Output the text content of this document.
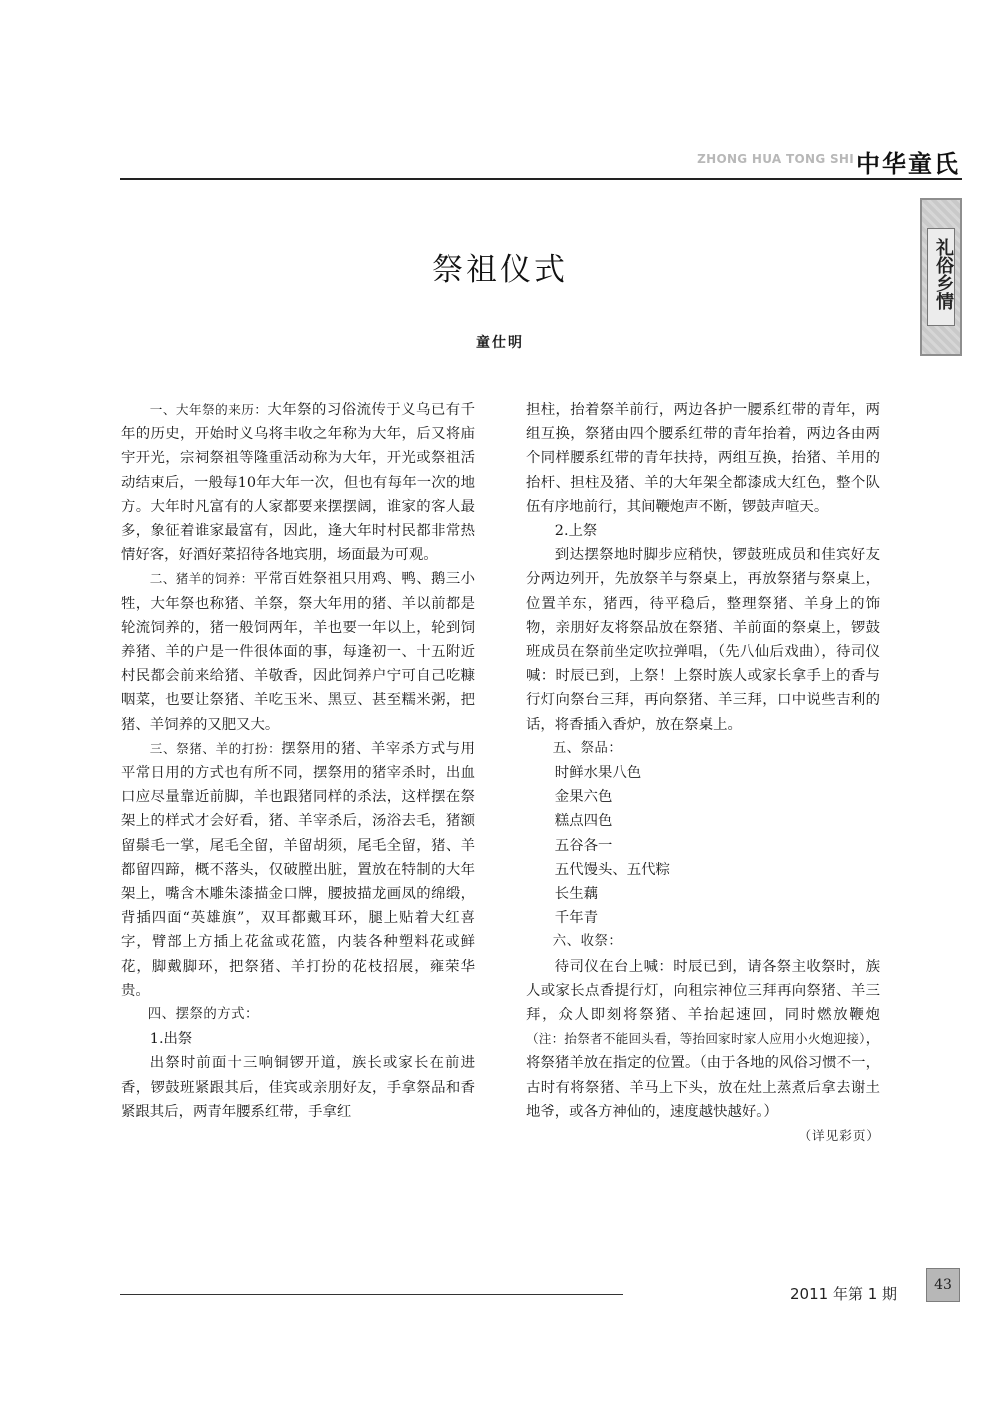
ZHONG HUA TONG SHI 中华童氏
礼俗乡情
祭祖仪式
童仕明

一、大年祭的来历：大年祭的习俗流传于义乌已有千年的历史，开始时义乌将丰收之年称为大年，后又将庙宇开光，宗祠祭祖等隆重活动称为大年，开光或祭祖活动结束后，一般每10年大年一次，但也有每年一次的地方。大年时凡富有的人家都要来摆摆阔，谁家的客人最多，象征着谁家最富有，因此，逢大年时村民都非常热情好客，好酒好菜招待各地宾朋，场面最为可观。

二、猪羊的饲养：平常百姓祭祖只用鸡、鸭、鹅三小牲，大年祭也称猪、羊祭，祭大年用的猪、羊以前都是轮流饲养的，猪一般饲两年，羊也要一年以上，轮到饲养猪、羊的户是一件很体面的事，每逢初一、十五附近村民都会前来给猪、羊敬香，因此饲养户宁可自己吃糠咽菜，也要让祭猪、羊吃玉米、黑豆、甚至糯米粥，把猪、羊饲养的又肥又大。

三、祭猪、羊的打扮：摆祭用的猪、羊宰杀方式与用平常日用的方式也有所不同，摆祭用的猪宰杀时，出血口应尽量靠近前脚，羊也跟猪同样的杀法，这样摆在祭架上的样式才会好看，猪、羊宰杀后，汤浴去毛，猪额留鬃毛一掌，尾毛全留，羊留胡须，尾毛全留，猪、羊都留四蹄，概不落头，仅破膛出脏，置放在特制的大年架上，嘴含木雕朱漆描金口牌，腰披描龙画凤的绵缎，背插四面“英雄旗”，双耳都戴耳环，腿上贴着大红喜字，臂部上方插上花盆或花篮，内装各种塑料花或鲜花，脚戴脚环，把祭猪、羊打扮的花枝招展，雍荣华贵。

四、摆祭的方式：

1.出祭

出祭时前面十三响铜锣开道，族长或家长在前进香，锣鼓班紧跟其后，佳宾或亲朋好友，手拿祭品和香紧跟其后，两青年腰系红带，手拿红

担柱，抬着祭羊前行，两边各护一腰系红带的青年，两组互换，祭猪由四个腰系红带的青年抬着，两边各由两个同样腰系红带的青年扶持，两组互换，抬猪、羊用的抬杆、担柱及猪、羊的大年架全都漆成大红色，整个队伍有序地前行，其间鞭炮声不断，锣鼓声喧天。

2.上祭

到达摆祭地时脚步应稍快，锣鼓班成员和佳宾好友分两边列开，先放祭羊与祭桌上，再放祭猪与祭桌上，位置羊东，猪西，待平稳后，整理祭猪、羊身上的饰物，亲朋好友将祭品放在祭猪、羊前面的祭桌上，锣鼓班成员在祭前坐定吹拉弹唱，（先八仙后戏曲），待司仪喊：时辰已到，上祭！上祭时族人或家长拿手上的香与行灯向祭台三拜，再向祭猪、羊三拜，口中说些吉利的话，将香插入香炉，放在祭桌上。

五、祭品：

时鲜水果八色

金果六色

糕点四色

五谷各一

五代馒头、五代粽

长生藕

千年青

六、收祭：

待司仪在台上喊：时辰已到，请各祭主收祭时，族人或家长点香提行灯，向租宗神位三拜再向祭猪、羊三拜，众人即刻将祭猪、羊抬起速回，同时燃放鞭炮（注：抬祭者不能回头看，等抬回家时家人应用小火炮迎接），将祭猪羊放在指定的位置。（由于各地的风俗习惯不一，古时有将祭猪、羊马上下头，放在灶上蒸煮后拿去谢土地爷，或各方神仙的，速度越快越好。）
（详见彩页）

2011 年第 1 期	43
